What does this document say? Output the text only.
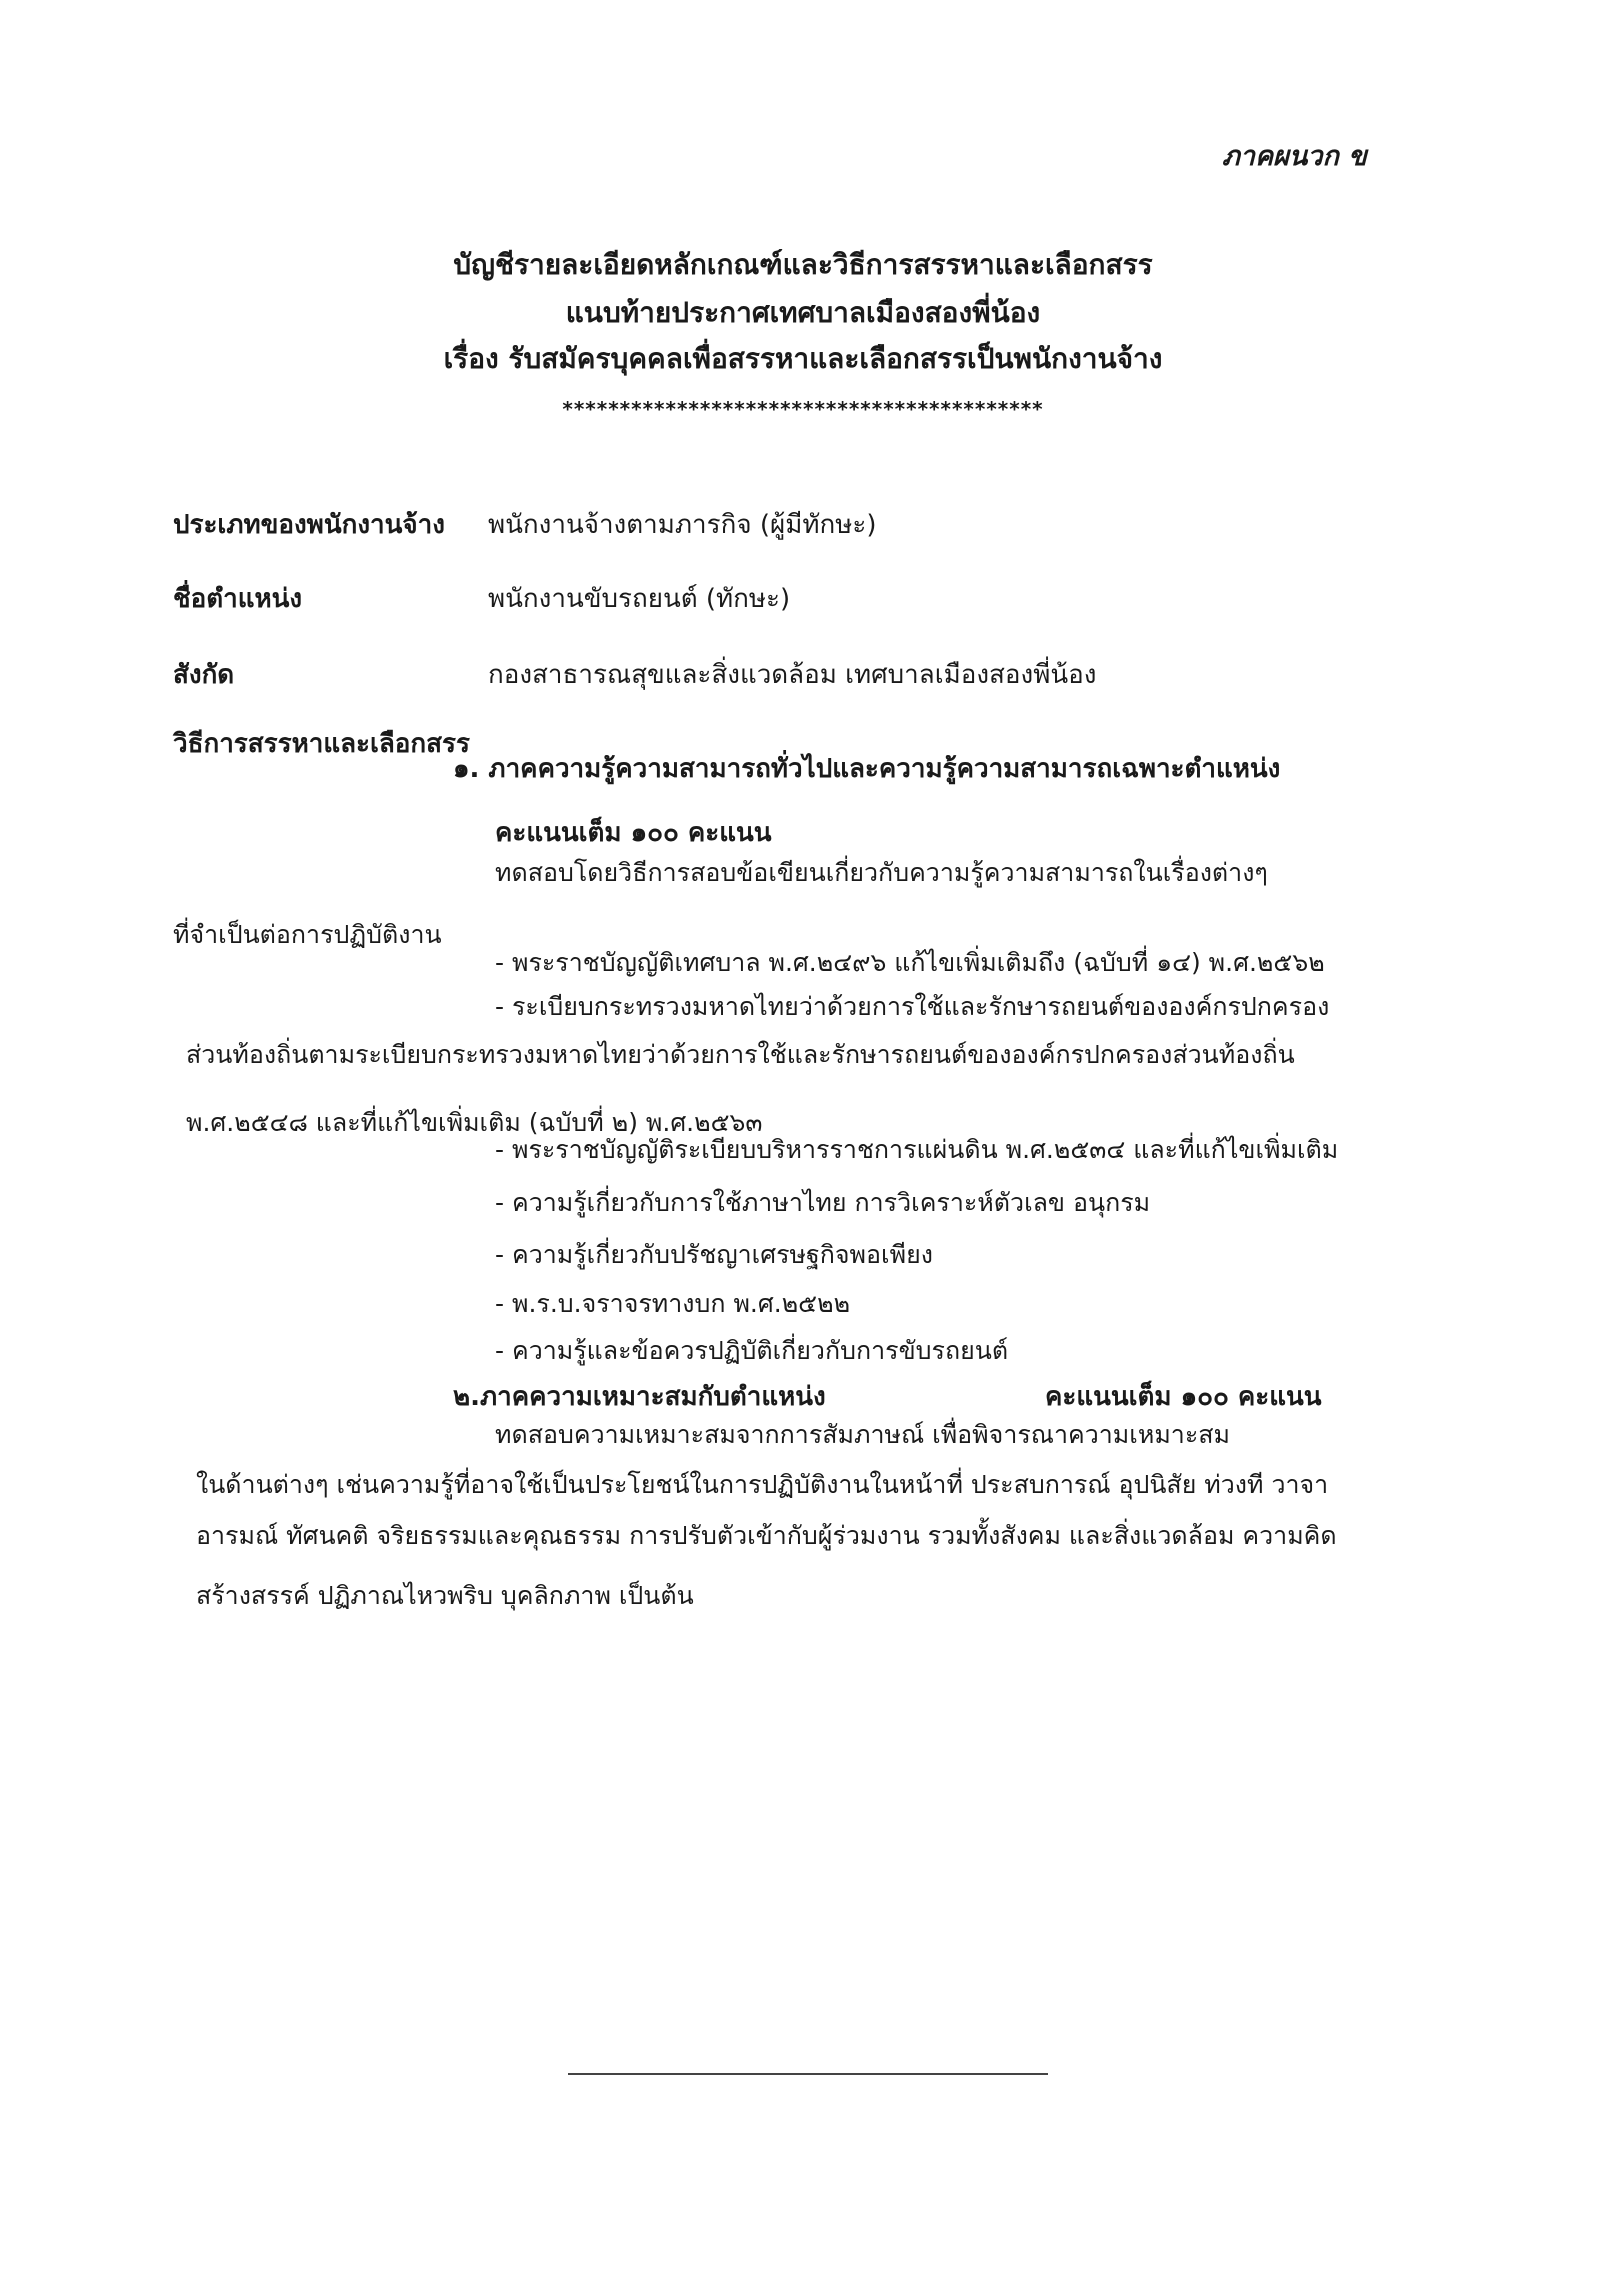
ภาคผนวก ข
บัญชีรายละเอียดหลักเกณฑ์และวิธีการสรรหาและเลือกสรร
แนบท้ายประกาศเทศบาลเมืองสองพี่น้อง
เรื่อง รับสมัครบุคคลเพื่อสรรหาและเลือกสรรเป็นพนักงานจ้าง
******************************************
ประเภทของพนักงานจ้าง พนักงานจ้างตามภารกิจ (ผู้มีทักษะ)
ชื่อตำแหน่ง	พนักงานขับรถยนต์ (ทักษะ)
สังกัด	กองสาธารณสุขและสิ่งแวดล้อม เทศบาลเมืองสองพี่น้อง
วิธีการสรรหาและเลือกสรร
๑. ภาคความรู้ความสามารถทั่วไปและความรู้ความสามารถเฉพาะตำแหน่ง
คะแนนเต็ม ๑๐๐ คะแนน
ทดสอบโดยวิธีการสอบข้อเขียนเกี่ยวกับความรู้ความสามารถในเรื่องต่างๆ
ที่จำเป็นต่อการปฏิบัติงาน
- พระราชบัญญัติเทศบาล พ.ศ.๒๔๙๖ แก้ไขเพิ่มเติมถึง (ฉบับที่ ๑๔) พ.ศ.๒๕๖๒
- ระเบียบกระทรวงมหาดไทยว่าด้วยการใช้และรักษารถยนต์ขององค์กรปกครอง
ส่วนท้องถิ่นตามระเบียบกระทรวงมหาดไทยว่าด้วยการใช้และรักษารถยนต์ขององค์กรปกครองส่วนท้องถิ่น
พ.ศ.๒๕๔๘ และที่แก้ไขเพิ่มเติม (ฉบับที่ ๒) พ.ศ.๒๕๖๓
- พระราชบัญญัติระเบียบบริหารราชการแผ่นดิน พ.ศ.๒๕๓๔ และที่แก้ไขเพิ่มเติม
- ความรู้เกี่ยวกับการใช้ภาษาไทย การวิเคราะห์ตัวเลข อนุกรม
- ความรู้เกี่ยวกับปรัชญาเศรษฐกิจพอเพียง
- พ.ร.บ.จราจรทางบก พ.ศ.๒๕๒๒
- ความรู้และข้อควรปฏิบัติเกี่ยวกับการขับรถยนต์
๒.ภาคความเหมาะสมกับตำแหน่ง	คะแนนเต็ม ๑๐๐ คะแนน
ทดสอบความเหมาะสมจากการสัมภาษณ์ เพื่อพิจารณาความเหมาะสม
ในด้านต่างๆ เช่นความรู้ที่อาจใช้เป็นประโยชน์ในการปฏิบัติงานในหน้าที่ ประสบการณ์ อุปนิสัย ท่วงที วาจา
อารมณ์ ทัศนคติ จริยธรรมและคุณธรรม การปรับตัวเข้ากับผู้ร่วมงาน รวมทั้งสังคม และสิ่งแวดล้อม ความคิด
สร้างสรรค์ ปฏิภาณไหวพริบ บุคลิกภาพ เป็นต้น
